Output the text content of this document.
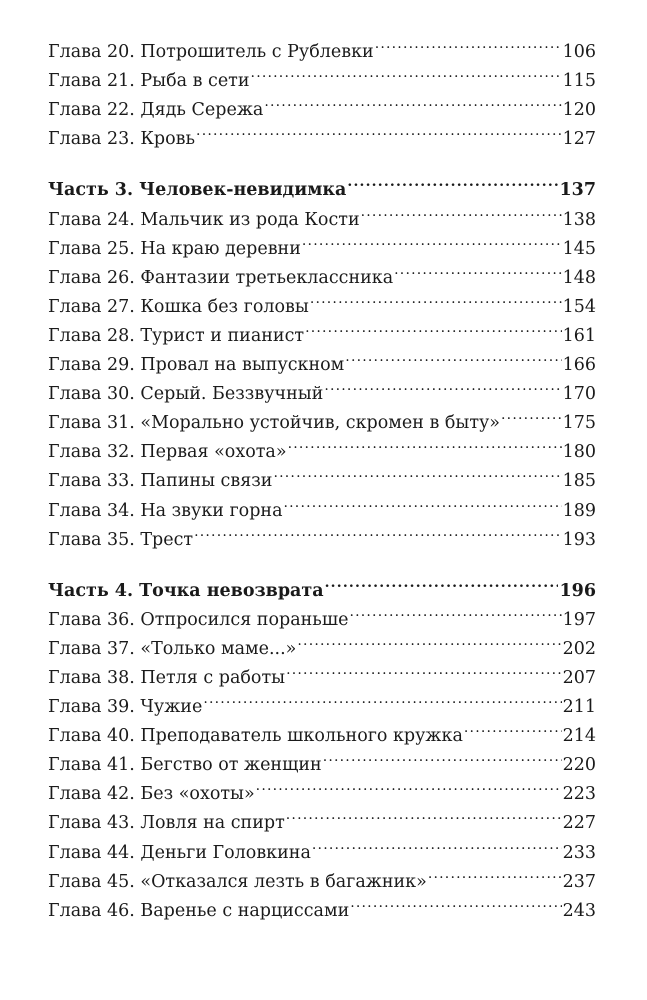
Глава 20. Потрошитель с Рублевки .....	106
Глава 21. Рыба в сети .....	115
Глава 22. Дядь Сережа .....	120
Глава 23. Кровь .....	127
Часть 3. Человек-невидимка .....	137
Глава 24. Мальчик из рода Кости .....	138
Глава 25. На краю деревни .....	145
Глава 26. Фантазии третьеклассника .....	148
Глава 27. Кошка без головы .....	154
Глава 28. Турист и пианист .....	161
Глава 29. Провал на выпускном .....	166
Глава 30. Серый. Беззвучный .....	170
Глава 31. «Морально устойчив, скромен в быту» .....	175
Глава 32. Первая «охота» .....	180
Глава 33. Папины связи .....	185
Глава 34. На звуки горна .....	189
Глава 35. Трест .....	193
Часть 4. Точка невозврата .....	196
Глава 36. Отпросился пораньше .....	197
Глава 37. «Только маме...» .....	202
Глава 38. Петля с работы .....	207
Глава 39. Чужие .....	211
Глава 40. Преподаватель школьного кружка .....	214
Глава 41. Бегство от женщин .....	220
Глава 42. Без «охоты» .....	223
Глава 43. Ловля на спирт .....	227
Глава 44. Деньги Головкина .....	233
Глава 45. «Отказался лезть в багажник» .....	237
Глава 46. Варенье с нарциссами .....	243
